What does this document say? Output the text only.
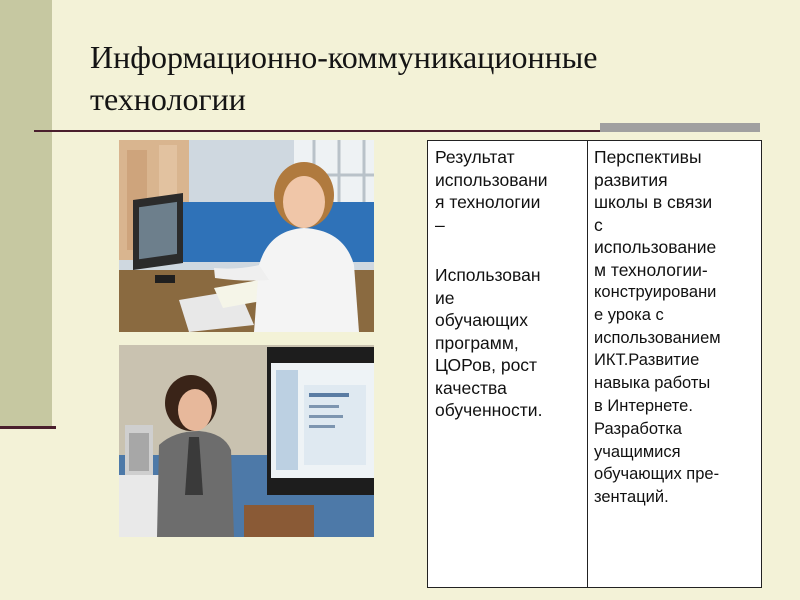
Информационно-коммуникационные
технологии

Результат
использовани
я технологии
–

Использован
ие
обучающих
программ,
ЦОРов, рост
качества
обученности.

Перспективы
развития
школы в связи
с
использование
м технологии-

конструировани
е урока с
использованием
ИКТ.Развитие
навыка работы
в Интернете.
Разработка
учащимися
обучающих пре-
зентаций.
